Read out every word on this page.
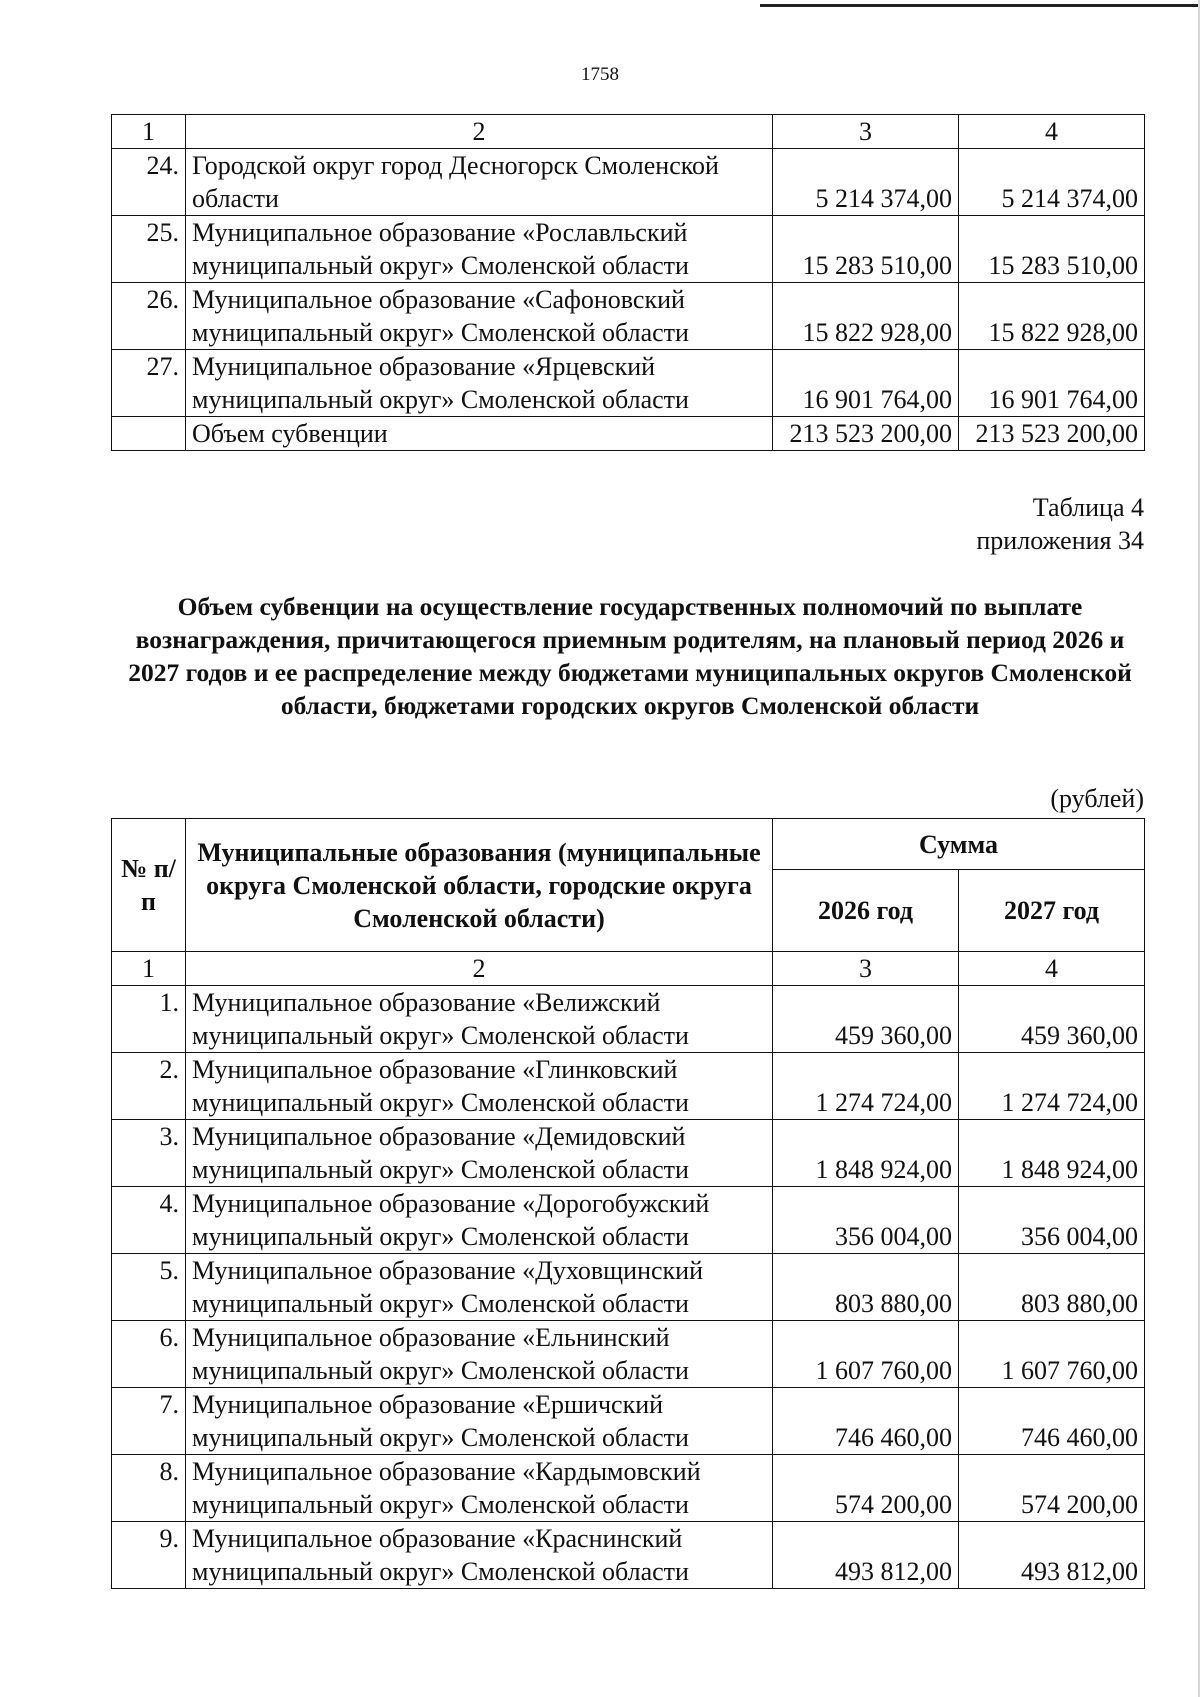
1758
1	2	3	4
24.	Городской округ город Десногорск Смоленской области	5 214 374,00	5 214 374,00
25.	Муниципальное образование «Рославльский муниципальный округ» Смоленской области	15 283 510,00	15 283 510,00
26.	Муниципальное образование «Сафоновский муниципальный округ» Смоленской области	15 822 928,00	15 822 928,00
27.	Муниципальное образование «Ярцевский муниципальный округ» Смоленской области	16 901 764,00	16 901 764,00
	Объем субвенции	213 523 200,00	213 523 200,00
Таблица 4
приложения 34
Объем субвенции на осуществление государственных полномочий по выплате вознаграждения, причитающегося приемным родителям, на плановый период 2026 и 2027 годов и ее распределение между бюджетами муниципальных округов Смоленской области, бюджетами городских округов Смоленской области
(рублей)
№ п/п	Муниципальные образования (муниципальные округа Смоленской области, городские округа Смоленской области)	Сумма	
		2026 год	2027 год
1	2	3	4
1.	Муниципальное образование «Велижский муниципальный округ» Смоленской области	459 360,00	459 360,00
2.	Муниципальное образование «Глинковский муниципальный округ» Смоленской области	1 274 724,00	1 274 724,00
3.	Муниципальное образование «Демидовский муниципальный округ» Смоленской области	1 848 924,00	1 848 924,00
4.	Муниципальное образование «Дорогобужский муниципальный округ» Смоленской области	356 004,00	356 004,00
5.	Муниципальное образование «Духовщинский муниципальный округ» Смоленской области	803 880,00	803 880,00
6.	Муниципальное образование «Ельнинский муниципальный округ» Смоленской области	1 607 760,00	1 607 760,00
7.	Муниципальное образование «Ершичский муниципальный округ» Смоленской области	746 460,00	746 460,00
8.	Муниципальное образование «Кардымовский муниципальный округ» Смоленской области	574 200,00	574 200,00
9.	Муниципальное образование «Краснинский муниципальный округ» Смоленской области	493 812,00	493 812,00
